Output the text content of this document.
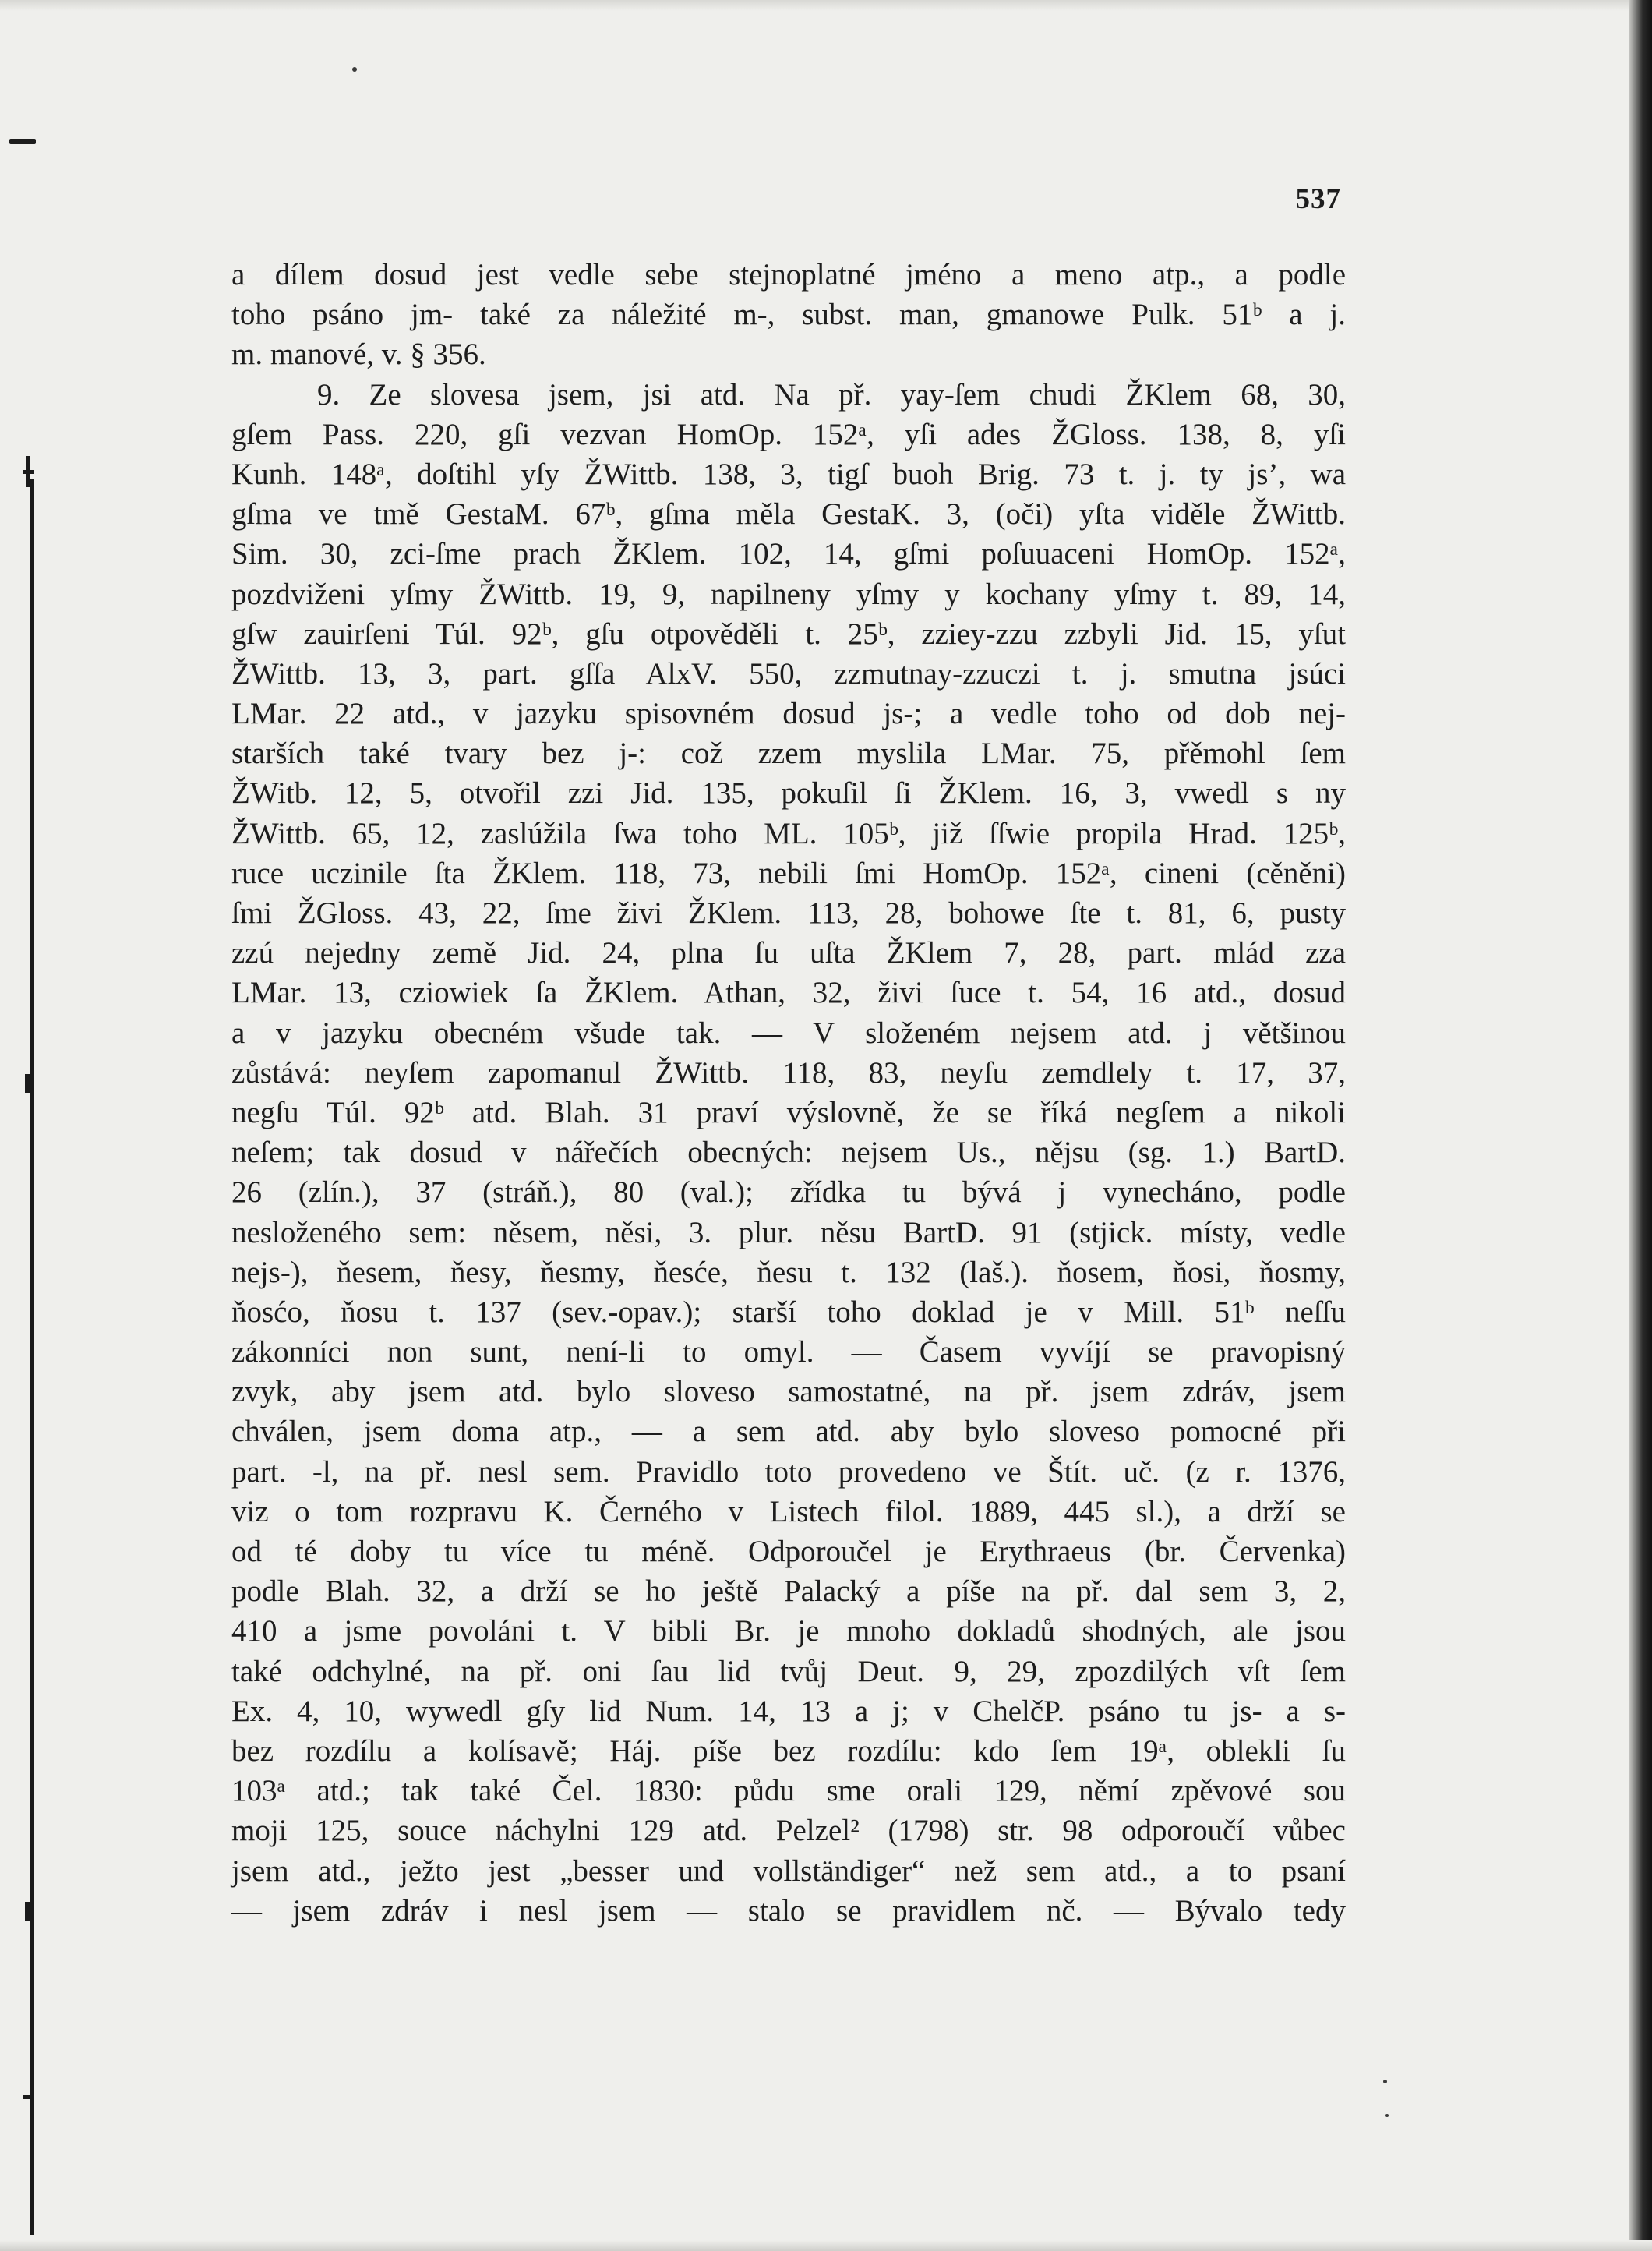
537
a dílem dosud jest vedle sebe stejnoplatné jméno a meno atp., a podle
toho psáno jm- také za náležité m-, subst. man, gmanowe Pulk. 51ᵇ a j.
m. manové, v. § 356.
9. Ze slovesa jsem, jsi atd. Na př. yay-ſem chudi ŽKlem 68, 30,
gſem Pass. 220, gſi vezvan HomOp. 152ᵃ, yſi ades ŽGloss. 138, 8, yſi
Kunh. 148ᵃ, doſtihl yſy ŽWittb. 138, 3, tigſ buoh Brig. 73 t. j. ty js’, wa
gſma ve tmě GestaM. 67ᵇ, gſma měla GestaK. 3, (oči) yſta viděle ŽWittb.
Sim. 30, zci-ſme prach ŽKlem. 102, 14, gſmi poſuuaceni HomOp. 152ᵃ,
pozdviženi yſmy ŽWittb. 19, 9, napilneny yſmy y kochany yſmy t. 89, 14,
gſw zauirſeni Túl. 92ᵇ, gſu otpověděli t. 25ᵇ, zziey-zzu zzbyli Jid. 15, yſut
ŽWittb. 13, 3, part. gſſa AlxV. 550, zzmutnay-zzuczi t. j. smutna jsúci
LMar. 22 atd., v jazyku spisovném dosud js-; a vedle toho od dob nej-
starších také tvary bez j-: což zzem myslila LMar. 75, přěmohl ſem
ŽWitb. 12, 5, otvořil zzi Jid. 135, pokuſil ſi ŽKlem. 16, 3, vwedl s ny
ŽWittb. 65, 12, zaslúžila ſwa toho ML. 105ᵇ, již ſſwie propila Hrad. 125ᵇ,
ruce uczinile ſta ŽKlem. 118, 73, nebili ſmi HomOp. 152ᵃ, cineni (cěněni)
ſmi ŽGloss. 43, 22, ſme živi ŽKlem. 113, 28, bohowe ſte t. 81, 6, pusty
zzú nejedny země Jid. 24, plna ſu uſta ŽKlem 7, 28, part. mlád zza
LMar. 13, cziowiek ſa ŽKlem. Athan, 32, živi ſuce t. 54, 16 atd., dosud
a v jazyku obecném všude tak. — V složeném nejsem atd. j většinou
zůstává: neyſem zapomanul ŽWittb. 118, 83, neyſu zemdlely t. 17, 37,
negſu Túl. 92ᵇ atd. Blah. 31 praví výslovně, že se říká negſem a nikoli
neſem; tak dosud v nářečích obecných: nejsem Us., nějsu (sg. 1.) BartD.
26 (zlín.), 37 (stráň.), 80 (val.); zřídka tu bývá j vynecháno, podle
nesloženého sem: něsem, něsi, 3. plur. něsu BartD. 91 (stjick. místy, vedle
nejs-), ňesem, ňesy, ňesmy, ňesće, ňesu t. 132 (laš.). ňosem, ňosi, ňosmy,
ňosćo, ňosu t. 137 (sev.-opav.); starší toho doklad je v Mill. 51ᵇ neſſu
zákonníci non sunt, není-li to omyl. — Časem vyvíjí se pravopisný
zvyk, aby jsem atd. bylo sloveso samostatné, na př. jsem zdráv, jsem
chválen, jsem doma atp., — a sem atd. aby bylo sloveso pomocné při
part. -l, na př. nesl sem. Pravidlo toto provedeno ve Štít. uč. (z r. 1376,
viz o tom rozpravu K. Černého v Listech filol. 1889, 445 sl.), a drží se
od té doby tu více tu méně. Odporoučel je Erythraeus (br. Červenka)
podle Blah. 32, a drží se ho ještě Palacký a píše na př. dal sem 3, 2,
410 a jsme povoláni t. V bibli Br. je mnoho dokladů shodných, ale jsou
také odchylné, na př. oni ſau lid tvůj Deut. 9, 29, zpozdilých vſt ſem
Ex. 4, 10, wywedl gſy lid Num. 14, 13 a j; v ChelčP. psáno tu js- a s-
bez rozdílu a kolísavě; Háj. píše bez rozdílu: kdo ſem 19ᵃ, oblekli ſu
103ᵃ atd.; tak také Čel. 1830: půdu sme orali 129, němí zpěvové sou
moji 125, souce náchylni 129 atd. Pelzel² (1798) str. 98 odporoučí vůbec
jsem atd., ježto jest „besser und vollständiger“ než sem atd., a to psaní
— jsem zdráv i nesl jsem — stalo se pravidlem nč. — Bývalo tedy
